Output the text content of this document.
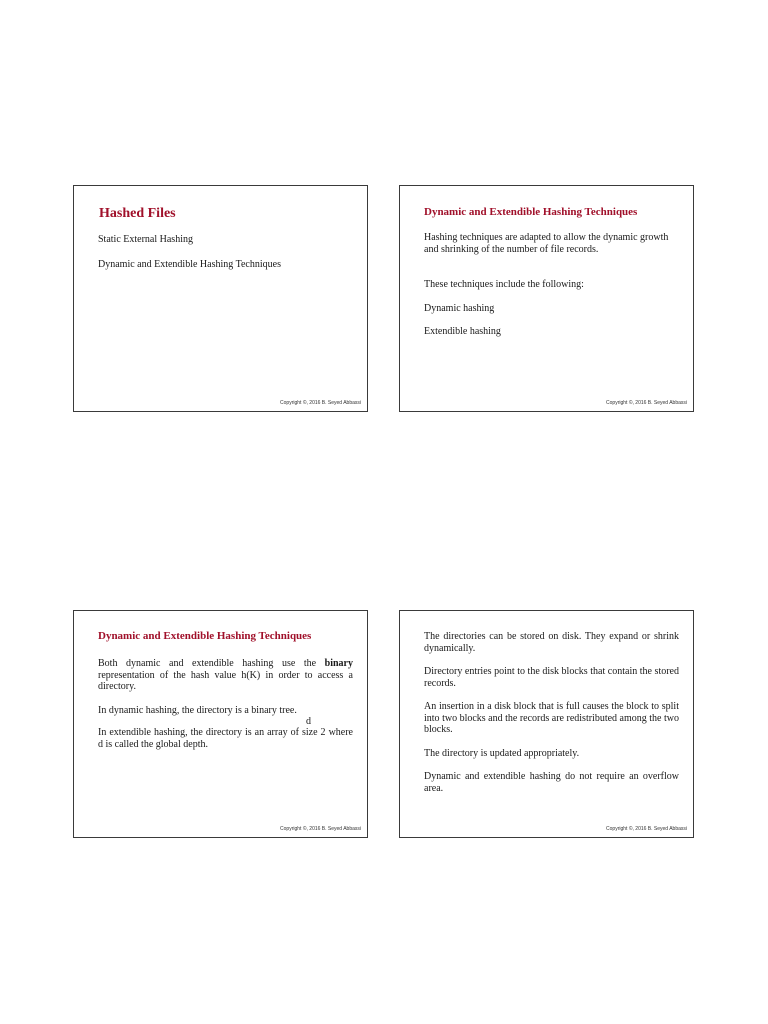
Hashed Files

Static External Hashing

Dynamic and Extendible Hashing Techniques

Copyright ©, 2016 B. Seyed Abbassi
Dynamic and Extendible Hashing Techniques

Hashing techniques are adapted to allow the dynamic growth and shrinking of the number of file records.

These techniques include the following:

Dynamic hashing

Extendible hashing

Copyright ©, 2016 B. Seyed Abbassi
Dynamic and Extendible Hashing Techniques

Both dynamic and extendible hashing use the binary representation of the hash value h(K) in order to access a directory.

In dynamic hashing, the directory is a binary tree.

d

In extendible hashing, the directory is an array of size 2 where d is called the global depth.

Copyright ©, 2016 B. Seyed Abbassi

The directories can be stored on disk. They expand or shrink dynamically.

Directory entries point to the disk blocks that contain the stored records.

An insertion in a disk block that is full causes the block to split into two blocks and the records are redistributed among the two blocks.

The directory is updated appropriately.

Dynamic and extendible hashing do not require an overflow area.

Copyright ©, 2016 B. Seyed Abbassi
